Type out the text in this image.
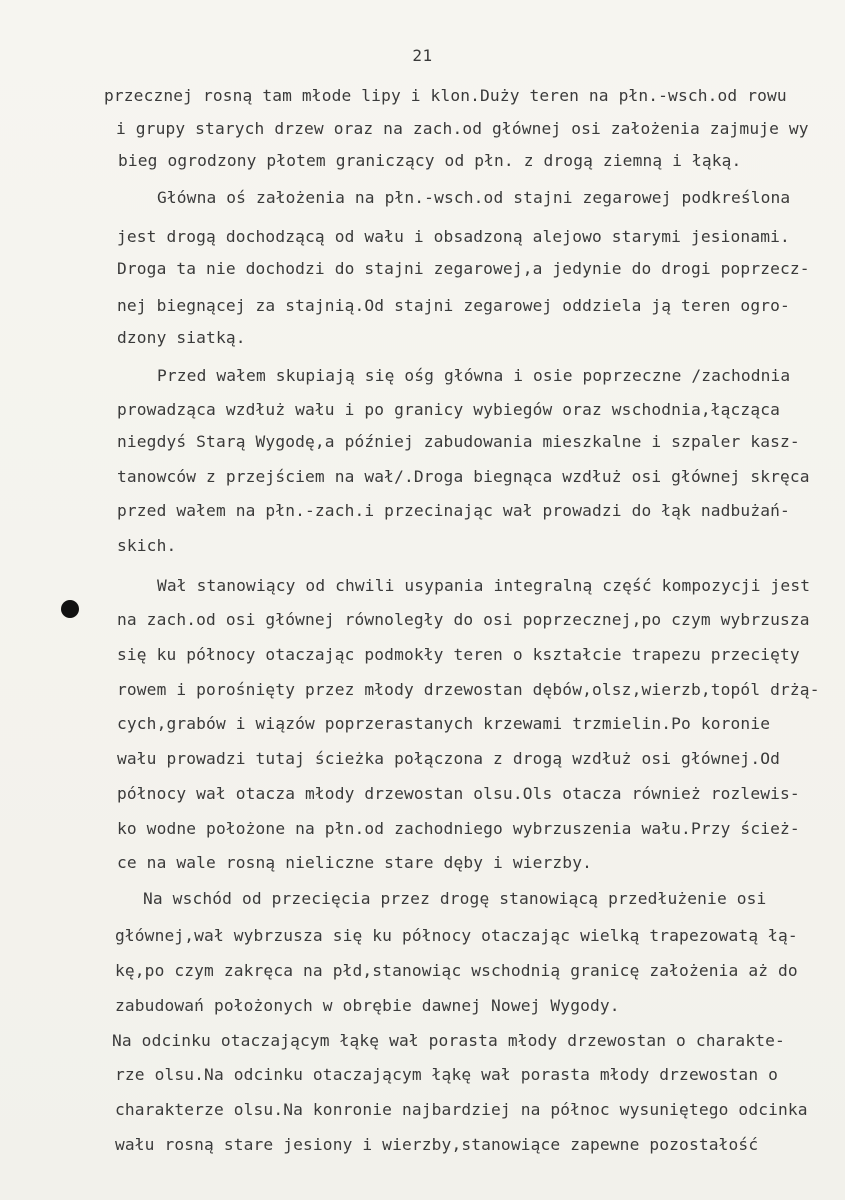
21
przecznej rosną tam młode lipy i klon.Duży teren na płn.-wsch.od rowu
i grupy starych drzew oraz na zach.od głównej osi założenia zajmuje wy
bieg ogrodzony płotem graniczący od płn. z drogą ziemną i łąką.
Główna oś założenia na płn.-wsch.od stajni zegarowej podkreślona
jest drogą dochodzącą od wału i obsadzoną alejowo starymi jesionami.
Droga ta nie dochodzi do stajni zegarowej,a jedynie do drogi poprzecz-
nej biegnącej za stajnią.Od stajni zegarowej oddziela ją teren ogro-
dzony siatką.
Przed wałem skupiają się ośg główna i osie poprzeczne /zachodnia
prowadząca wzdłuż wału i po granicy wybiegów oraz wschodnia,łącząca
niegdyś Starą Wygodę,a później zabudowania mieszkalne i szpaler kasz-
tanowców z przejściem na wał/.Droga biegnąca wzdłuż osi głównej skręca
przed wałem na płn.-zach.i przecinając wał prowadzi do łąk nadbużań-
skich.
Wał stanowiący od chwili usypania integralną część kompozycji jest
na zach.od osi głównej równoległy do osi poprzecznej,po czym wybrzusza
się ku północy otaczając podmokły teren o kształcie trapezu przecięty
rowem i porośnięty przez młody drzewostan dębów,olsz,wierzb,topól drżą-
cych,grabów i wiązów poprzerastanych krzewami trzmielin.Po koronie
wału prowadzi tutaj ścieżka połączona z drogą wzdłuż osi głównej.Od
północy wał otacza młody drzewostan olsu.Ols otacza również rozlewis-
ko wodne położone na płn.od zachodniego wybrzuszenia wału.Przy ścież-
ce na wale rosną nieliczne stare dęby i wierzby.
Na wschód od przecięcia przez drogę stanowiącą przedłużenie osi
głównej,wał wybrzusza się ku północy otaczając wielką trapezowatą łą-
kę,po czym zakręca na płd,stanowiąc wschodnią granicę założenia aż do
zabudowań położonych w obrębie dawnej Nowej Wygody.
Na odcinku otaczającym łąkę wał porasta młody drzewostan o charakte-
rze olsu.Na odcinku otaczającym łąkę wał porasta młody drzewostan o
charakterze olsu.Na konronie najbardziej na północ wysuniętego odcinka
wału rosną stare jesiony i wierzby,stanowiące zapewne pozostałość
